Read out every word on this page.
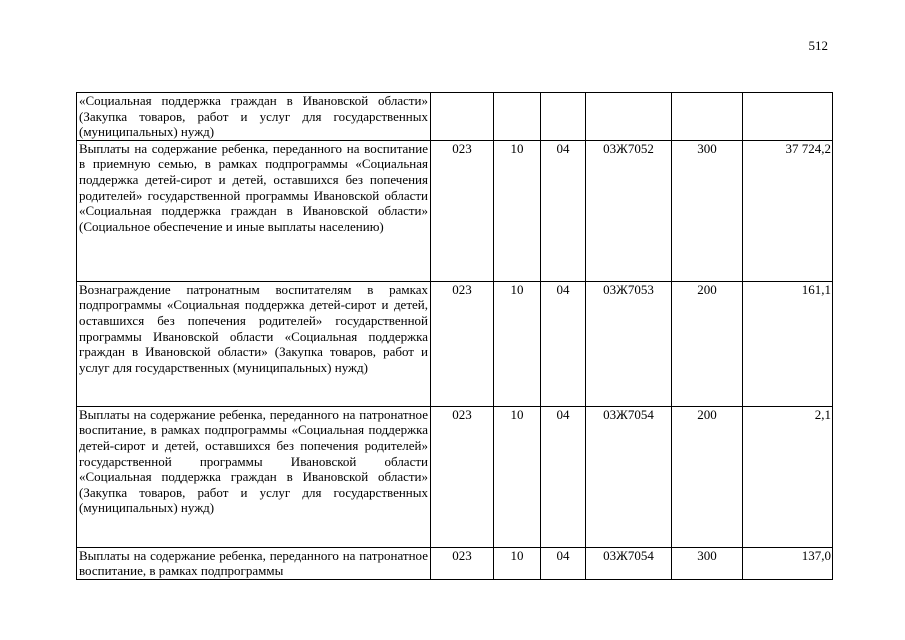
512
«Социальная поддержка граждан в Ивановской области» (Закупка товаров, работ и услуг для государственных (муниципальных) нужд)						
Выплаты на содержание ребенка, переданного на воспитание в приемную семью, в рамках подпрограммы «Социальная поддержка детей-сирот и детей, оставшихся без попечения родителей» государственной программы Ивановской области «Социальная поддержка граждан в Ивановской области» (Социальное обеспечение и иные выплаты населению)	023	10	04	03Ж7052	300	37 724,2
Вознаграждение патронатным воспитателям в рамках подпрограммы «Социальная поддержка детей-сирот и детей, оставшихся без попечения родителей» государственной программы Ивановской области «Социальная поддержка граждан в Ивановской области» (Закупка товаров, работ и услуг для государственных (муниципальных) нужд)	023	10	04	03Ж7053	200	161,1
Выплаты на содержание ребенка, переданного на патронатное воспитание, в рамках подпрограммы «Социальная поддержка детей-сирот и детей, оставшихся без попечения родителей» государственной программы Ивановской области «Социальная поддержка граждан в Ивановской области» (Закупка товаров, работ и услуг для государственных (муниципальных) нужд)	023	10	04	03Ж7054	200	2,1
Выплаты на содержание ребенка, переданного на патронатное воспитание, в рамках подпрограммы	023	10	04	03Ж7054	300	137,0
